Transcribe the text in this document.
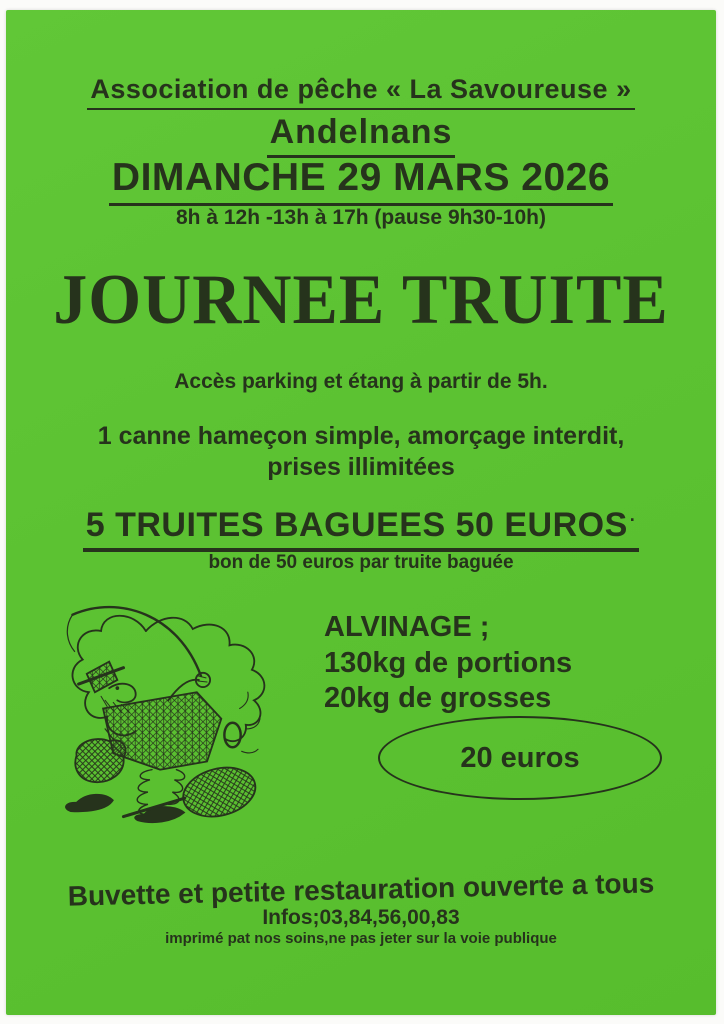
Association de pêche « La Savoureuse »
Andelnans
DIMANCHE 29 MARS 2026
8h à 12h -13h à 17h (pause 9h30-10h)
JOURNEE TRUITE
Accès parking et étang à partir de 5h.
1 canne hameçon simple, amorçage interdit,
prises illimitées
5 TRUITES BAGUEES 50 EUROS ·
bon de 50 euros par truite baguée
ALVINAGE ;
130kg de portions
20kg de grosses
20 euros
Buvette et petite restauration ouverte a tous
Infos;03,84,56,00,83
imprimé pat nos soins,ne pas jeter sur la voie publique
